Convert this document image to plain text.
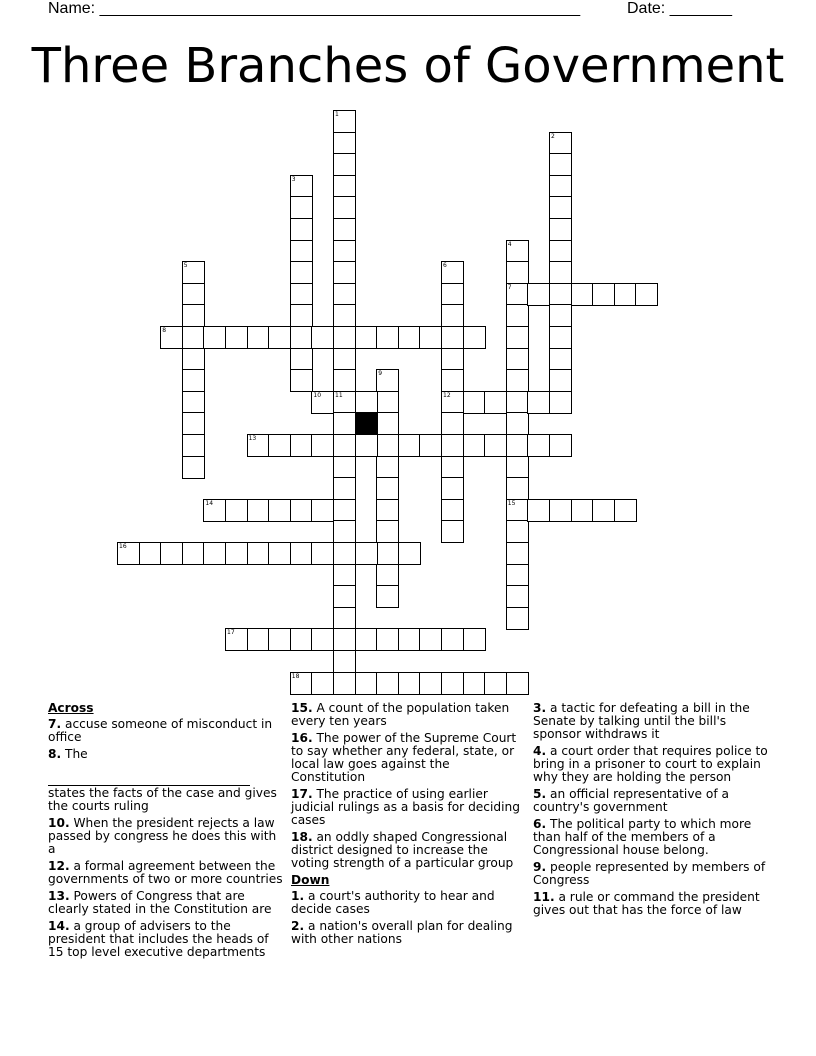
Name: ______________________________________________________	Date: _______
Three Branches of Government
1
2
3
4
5	6
7
8
9
10 11	12
13
14	15
16
17
18
Across
7. accuse someone of misconduct in office
8. The
states the facts of the case and gives the courts ruling
10. When the president rejects a law passed by congress he does this with a
12. a formal agreement between the governments of two or more countries
13. Powers of Congress that are clearly stated in the Constitution are
14. a group of advisers to the president that includes the heads of 15 top level executive departments
15. A count of the population taken every ten years
16. The power of the Supreme Court to say whether any federal, state, or local law goes against the Constitution
17. The practice of using earlier judicial rulings as a basis for deciding cases
18. an oddly shaped Congressional district designed to increase the voting strength of a particular group
Down
1. a court's authority to hear and decide cases
2. a nation's overall plan for dealing with other nations
3. a tactic for defeating a bill in the Senate by talking until the bill's sponsor withdraws it
4. a court order that requires police to bring in a prisoner to court to explain why they are holding the person
5. an official representative of a country's government
6. The political party to which more than half of the members of a Congressional house belong.
9. people represented by members of Congress
11. a rule or command the president gives out that has the force of law
